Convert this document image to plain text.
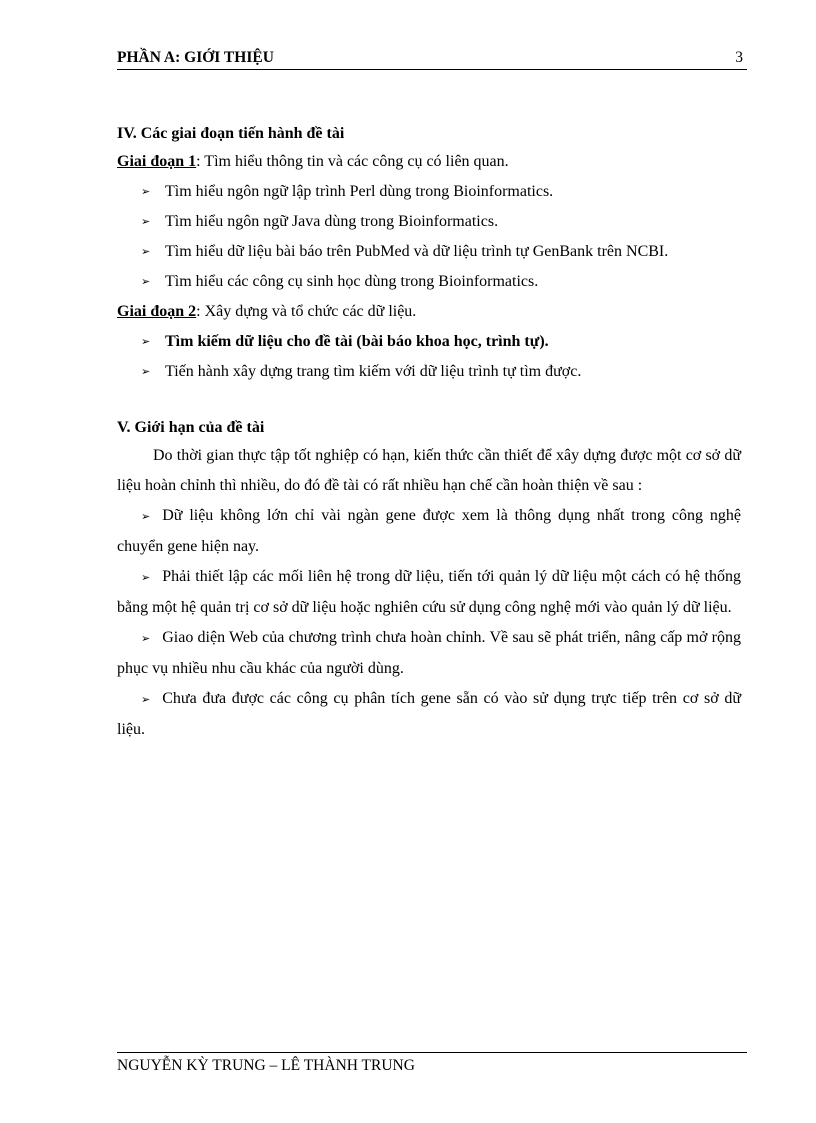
PHẦN A: GIỚI THIỆU	3
IV. Các giai đoạn tiến hành đề tài
Giai đoạn 1: Tìm hiểu thông tin và các công cụ có liên quan.
➢ Tìm hiểu ngôn ngữ lập trình Perl dùng trong Bioinformatics.
➢ Tìm hiểu ngôn ngữ Java dùng trong Bioinformatics.
➢ Tìm hiểu dữ liệu bài báo trên PubMed và dữ liệu trình tự GenBank trên NCBI.
➢ Tìm hiểu các công cụ sinh học dùng trong Bioinformatics.
Giai đoạn 2: Xây dựng và tổ chức các dữ liệu.
➢ Tìm kiếm dữ liệu cho đề tài (bài báo khoa học, trình tự).
➢ Tiến hành xây dựng trang tìm kiếm với dữ liệu trình tự tìm được.
V. Giới hạn của đề tài

Do thời gian thực tập tốt nghiệp có hạn, kiến thức cần thiết để xây dựng được một cơ sở dữ liệu hoàn chỉnh thì nhiều, do đó đề tài có rất nhiều hạn chế cần hoàn thiện về sau :

➢ Dữ liệu không lớn chỉ vài ngàn gene được xem là thông dụng nhất trong công nghệ chuyển gene hiện nay.

➢ Phải thiết lập các mối liên hệ trong dữ liệu, tiến tới quản lý dữ liệu một cách có hệ thống bằng một hệ quản trị cơ sở dữ liệu hoặc nghiên cứu sử dụng công nghệ mới vào quản lý dữ liệu.

➢ Giao diện Web của chương trình chưa hoàn chỉnh. Về sau sẽ phát triển, nâng cấp mở rộng phục vụ nhiều nhu cầu khác của người dùng.

➢ Chưa đưa được các công cụ phân tích gene sẵn có vào sử dụng trực tiếp trên cơ sở dữ liệu.

NGUYỄN KỲ TRUNG – LÊ THÀNH TRUNG
